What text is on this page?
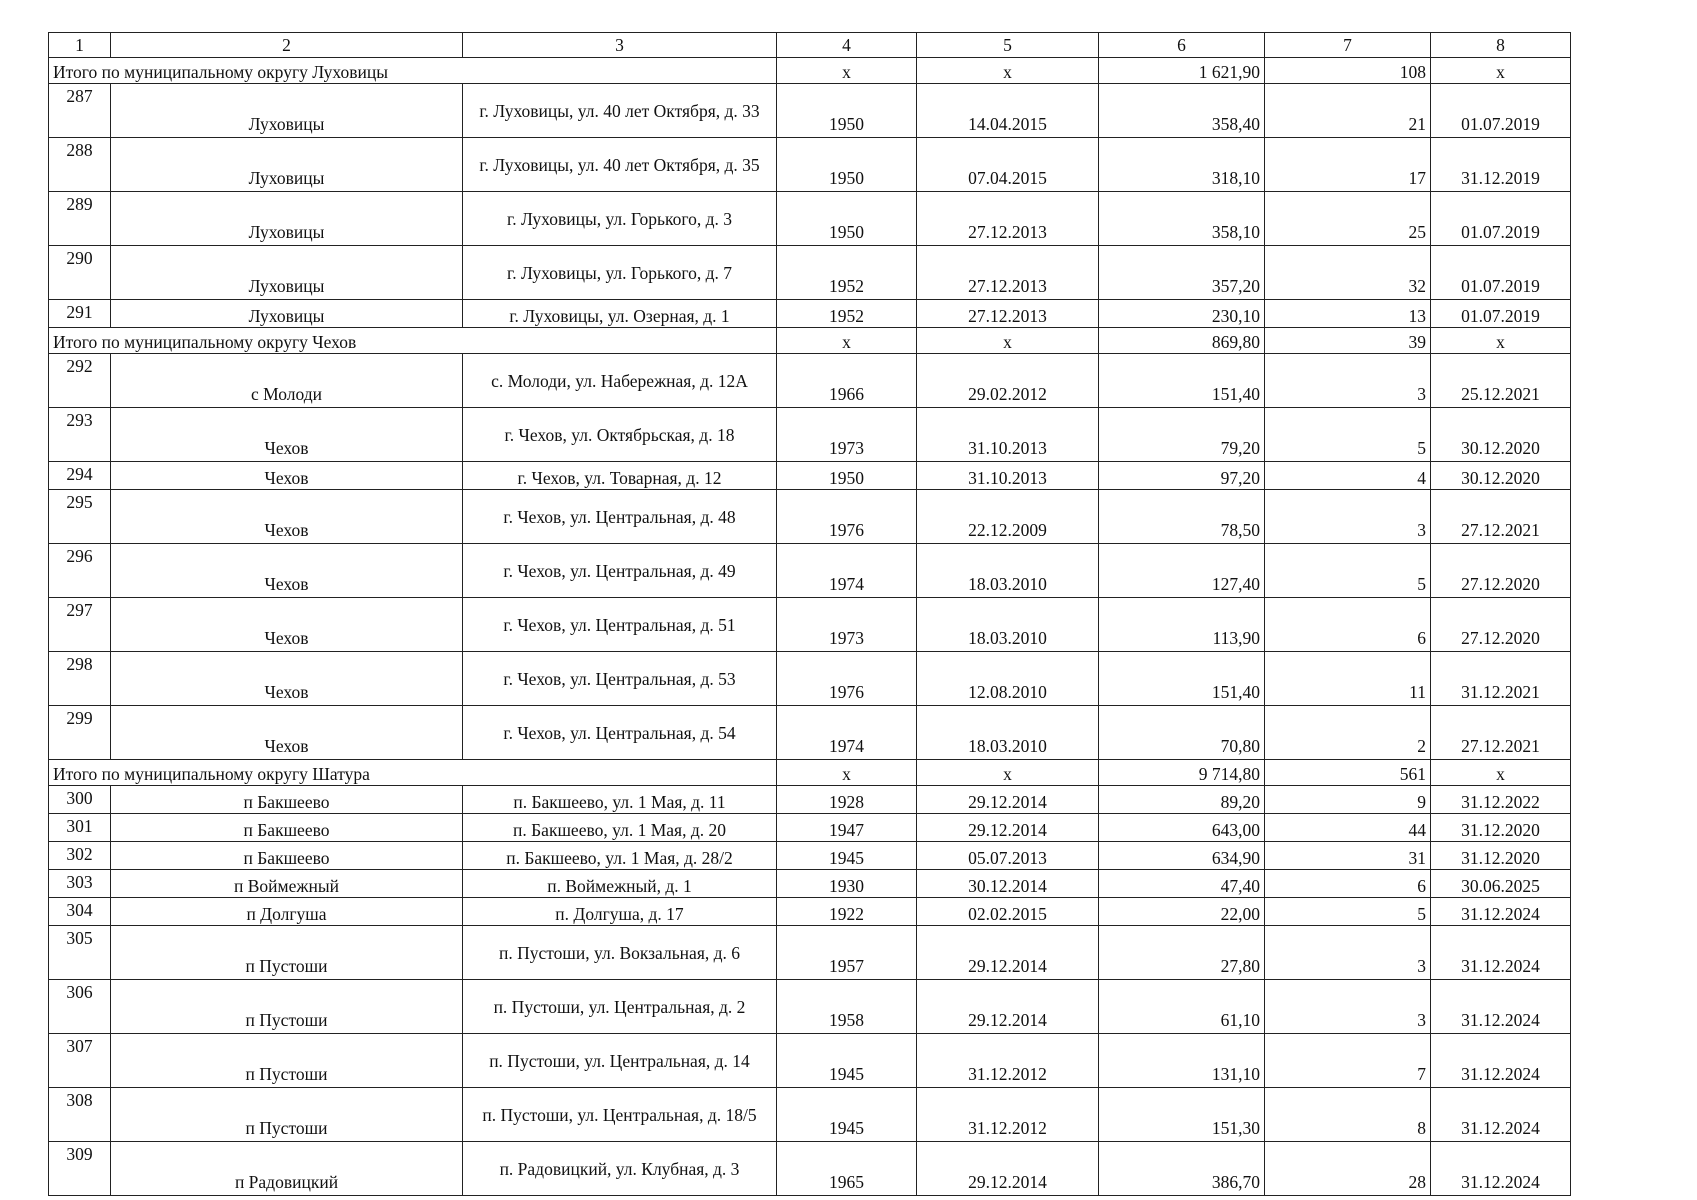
1	2	3	4	5	6	7	8
Итого по муниципальному округу Луховицы			х	х	1 621,90	108	х
287	Луховицы	г. Луховицы, ул. 40 лет Октября, д. 33	1950	14.04.2015	358,40	21	01.07.2019
288	Луховицы	г. Луховицы, ул. 40 лет Октября, д. 35	1950	07.04.2015	318,10	17	31.12.2019
289	Луховицы	г. Луховицы, ул. Горького, д. 3	1950	27.12.2013	358,10	25	01.07.2019
290	Луховицы	г. Луховицы, ул. Горького, д. 7	1952	27.12.2013	357,20	32	01.07.2019
291	Луховицы	г. Луховицы, ул. Озерная, д. 1	1952	27.12.2013	230,10	13	01.07.2019
Итого по муниципальному округу Чехов			х	х	869,80	39	х
292	с Молоди	с. Молоди, ул. Набережная, д. 12А	1966	29.02.2012	151,40	3	25.12.2021
293	Чехов	г. Чехов, ул. Октябрьская, д. 18	1973	31.10.2013	79,20	5	30.12.2020
294	Чехов	г. Чехов, ул. Товарная, д. 12	1950	31.10.2013	97,20	4	30.12.2020
295	Чехов	г. Чехов, ул. Центральная, д. 48	1976	22.12.2009	78,50	3	27.12.2021
296	Чехов	г. Чехов, ул. Центральная, д. 49	1974	18.03.2010	127,40	5	27.12.2020
297	Чехов	г. Чехов, ул. Центральная, д. 51	1973	18.03.2010	113,90	6	27.12.2020
298	Чехов	г. Чехов, ул. Центральная, д. 53	1976	12.08.2010	151,40	11	31.12.2021
299	Чехов	г. Чехов, ул. Центральная, д. 54	1974	18.03.2010	70,80	2	27.12.2021
Итого по муниципальному округу Шатура			х	х	9 714,80	561	х
300	п Бакшеево	п. Бакшеево, ул. 1 Мая, д. 11	1928	29.12.2014	89,20	9	31.12.2022
301	п Бакшеево	п. Бакшеево, ул. 1 Мая, д. 20	1947	29.12.2014	643,00	44	31.12.2020
302	п Бакшеево	п. Бакшеево, ул. 1 Мая, д. 28/2	1945	05.07.2013	634,90	31	31.12.2020
303	п Воймежный	п. Воймежный, д. 1	1930	30.12.2014	47,40	6	30.06.2025
304	п Долгуша	п. Долгуша, д. 17	1922	02.02.2015	22,00	5	31.12.2024
305	п Пустоши	п. Пустоши, ул. Вокзальная, д. 6	1957	29.12.2014	27,80	3	31.12.2024
306	п Пустоши	п. Пустоши, ул. Центральная, д. 2	1958	29.12.2014	61,10	3	31.12.2024
307	п Пустоши	п. Пустоши, ул. Центральная, д. 14	1945	31.12.2012	131,10	7	31.12.2024
308	п Пустоши	п. Пустоши, ул. Центральная, д. 18/5	1945	31.12.2012	151,30	8	31.12.2024
309	п Радовицкий	п. Радовицкий, ул. Клубная, д. 3	1965	29.12.2014	386,70	28	31.12.2024
